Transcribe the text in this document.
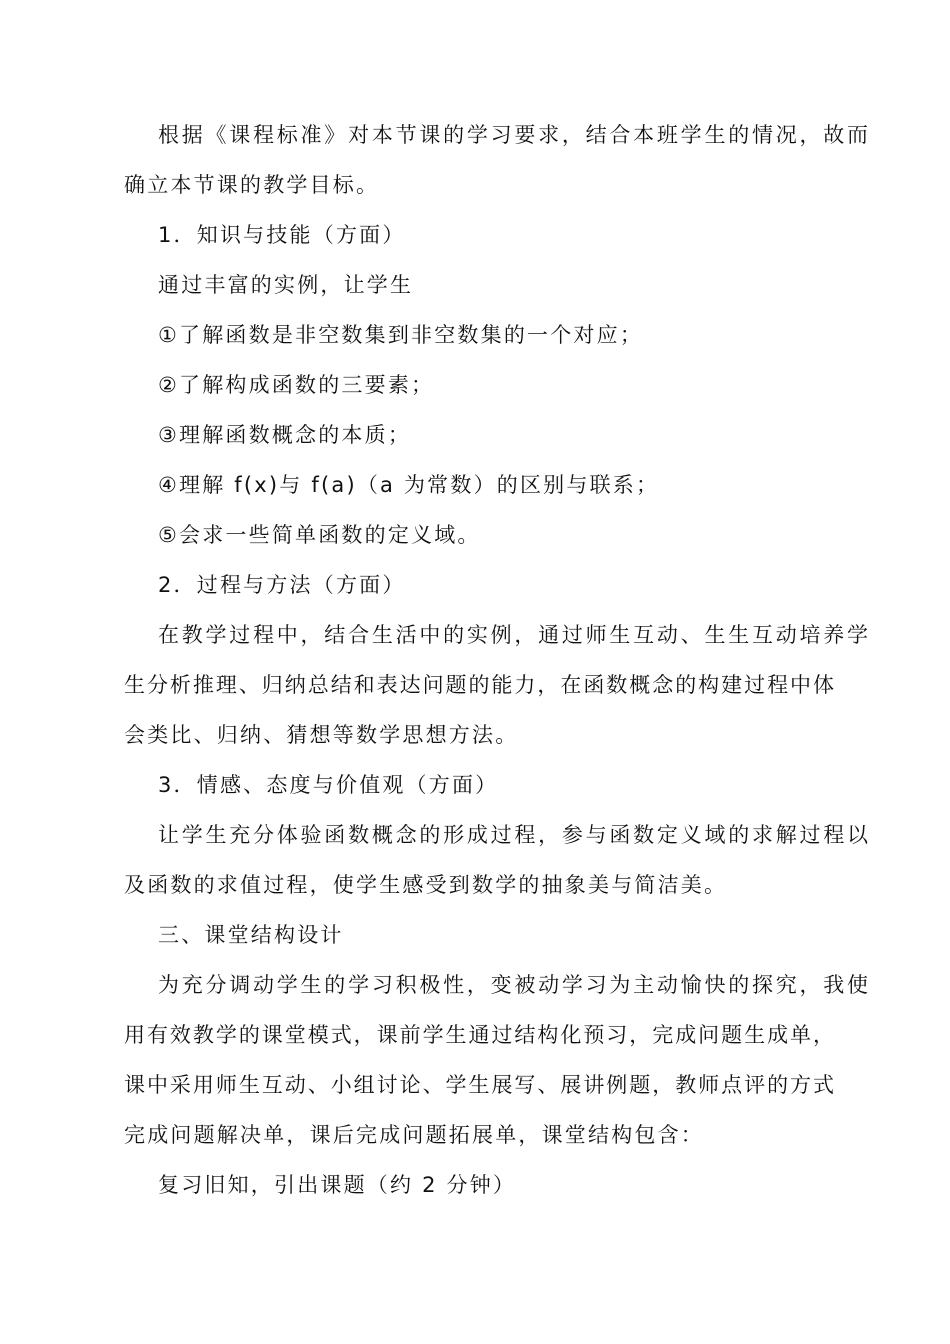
根据《课程标准》对本节课的学习要求，结合本班学生的情况，故而
确立本节课的教学目标。
1．知识与技能（方面）
通过丰富的实例，让学生
①了解函数是非空数集到非空数集的一个对应；
②了解构成函数的三要素；
③理解函数概念的本质；
④理解 f(x)与 f(a)（a 为常数）的区别与联系；
⑤会求一些简单函数的定义域。
2．过程与方法（方面）
在教学过程中，结合生活中的实例，通过师生互动、生生互动培养学
生分析推理、归纳总结和表达问题的能力，在函数概念的构建过程中体
会类比、归纳、猜想等数学思想方法。
3．情感、态度与价值观（方面）
让学生充分体验函数概念的形成过程，参与函数定义域的求解过程以
及函数的求值过程，使学生感受到数学的抽象美与简洁美。
三、课堂结构设计
为充分调动学生的学习积极性，变被动学习为主动愉快的探究，我使
用有效教学的课堂模式，课前学生通过结构化预习，完成问题生成单，
课中采用师生互动、小组讨论、学生展写、展讲例题，教师点评的方式
完成问题解决单，课后完成问题拓展单，课堂结构包含：
复习旧知，引出课题（约 2 分钟）
